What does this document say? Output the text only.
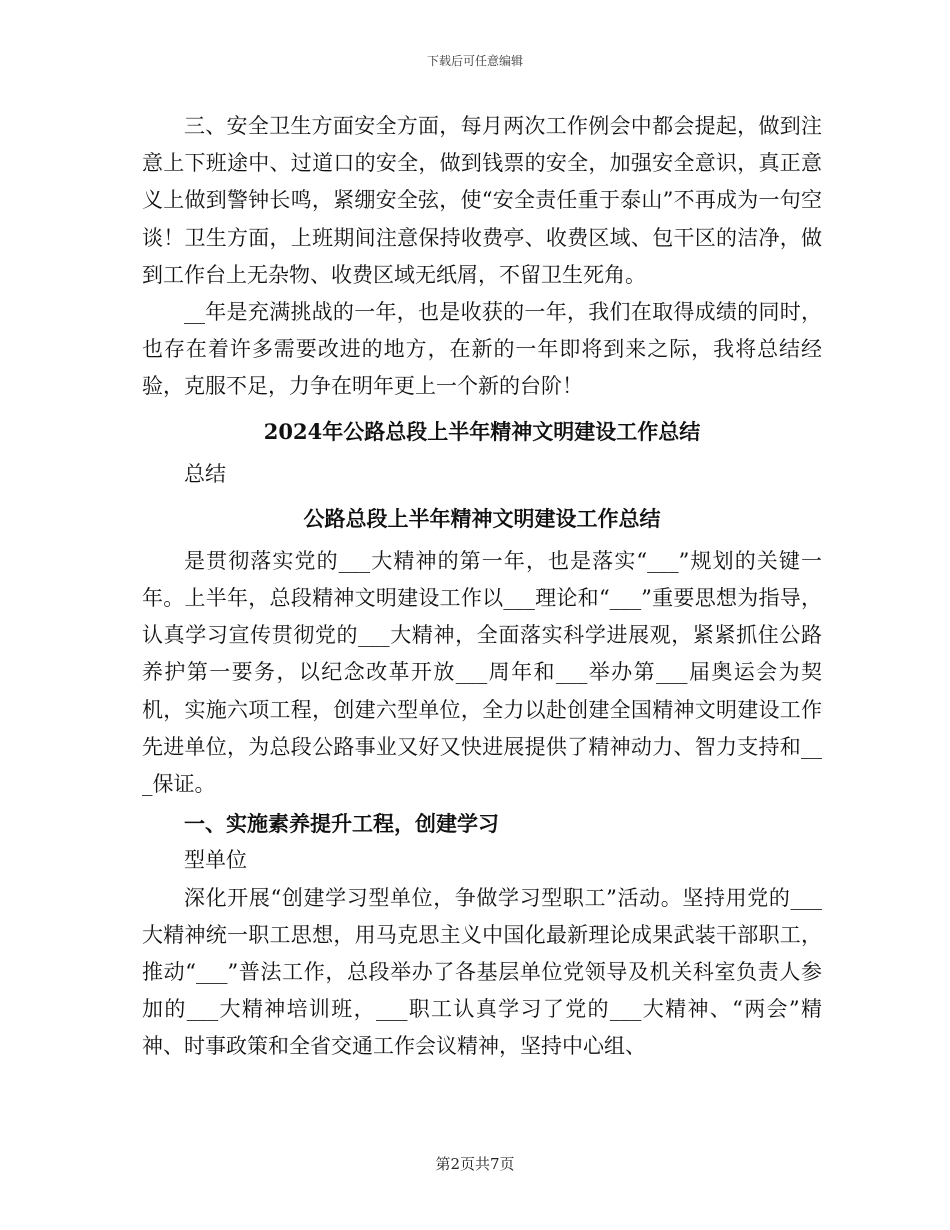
下载后可任意编辑

三、安全卫生方面安全方面，每月两次工作例会中都会提起，做到注意上下班途中、过道口的安全，做到钱票的安全，加强安全意识，真正意义上做到警钟长鸣，紧绷安全弦，使“安全责任重于泰山”不再成为一句空谈！卫生方面，上班期间注意保持收费亭、收费区域、包干区的洁净，做到工作台上无杂物、收费区域无纸屑，不留卫生死角。

__年是充满挑战的一年，也是收获的一年，我们在取得成绩的同时，也存在着许多需要改进的地方，在新的一年即将到来之际，我将总结经验，克服不足，力争在明年更上一个新的台阶！

2024年公路总段上半年精神文明建设工作总结

总结

公路总段上半年精神文明建设工作总结

是贯彻落实党的___大精神的第一年，也是落实“___”规划的关键一年。上半年，总段精神文明建设工作以___理论和“___”重要思想为指导，认真学习宣传贯彻党的___大精神，全面落实科学进展观，紧紧抓住公路养护第一要务，以纪念改革开放___周年和___举办第___届奥运会为契机，实施六项工程，创建六型单位，全力以赴创建全国精神文明建设工作先进单位，为总段公路事业又好又快进展提供了精神动力、智力支持和___保证。

一、实施素养提升工程，创建学习

型单位

深化开展“创建学习型单位，争做学习型职工”活动。坚持用党的___大精神统一职工思想，用马克思主义中国化最新理论成果武装干部职工，推动“___”普法工作，总段举办了各基层单位党领导及机关科室负责人参加的___大精神培训班，___职工认真学习了党的___大精神、“两会”精神、时事政策和全省交通工作会议精神，坚持中心组、

第2页共7页
